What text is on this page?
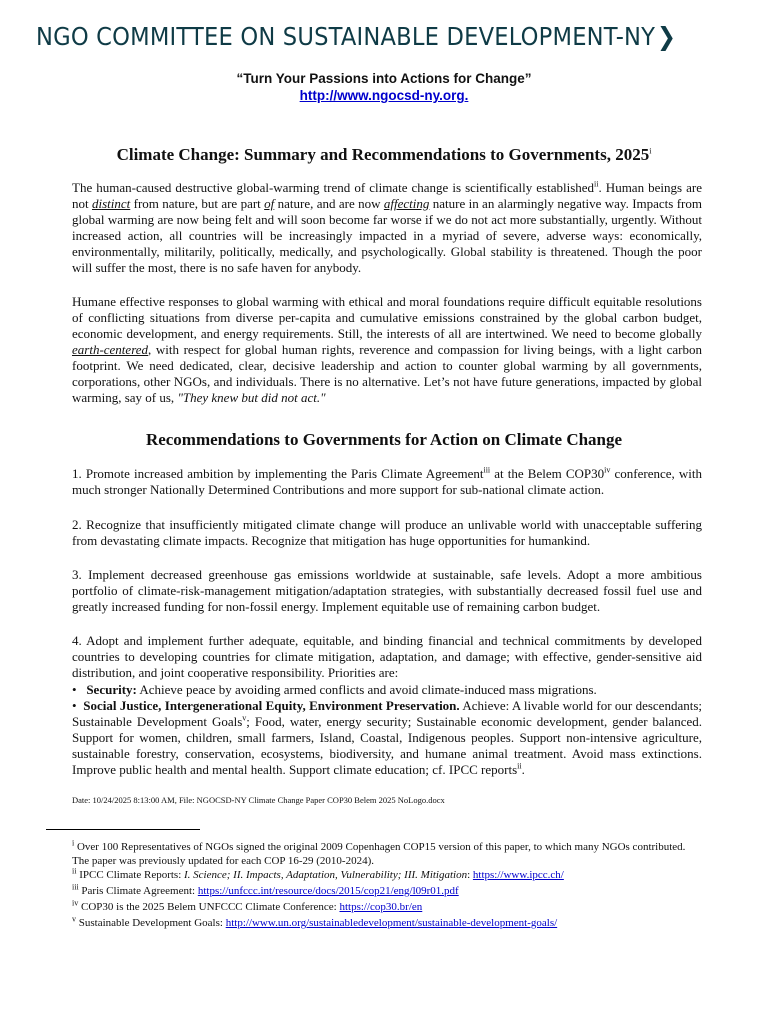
NGO COMMITTEE ON SUSTAINABLE DEVELOPMENT-NY❯
“Turn Your Passions into Actions for Change”
http://www.ngocsd-ny.org.
Climate Change: Summary and Recommendations to Governments, 2025$^i$

The human-caused destructive global-warming trend of climate change is scientifically established$^{ii}$. Human beings are not distinct from nature, but are part of nature, and are now affecting nature in an alarmingly negative way. Impacts from global warming are now being felt and will soon become far worse if we do not act more substantially, urgently. Without increased action, all countries will be increasingly impacted in a myriad of severe, adverse ways: economically, environmentally, militarily, politically, medically, and psychologically. Global stability is threatened. Though the poor will suffer the most, there is no safe haven for anybody.

Humane effective responses to global warming with ethical and moral foundations require difficult equitable resolutions of conflicting situations from diverse per-capita and cumulative emissions constrained by the global carbon budget, economic development, and energy requirements. Still, the interests of all are intertwined. We need to become globally earth-centered, with respect for global human rights, reverence and compassion for living beings, with a light carbon footprint. We need dedicated, clear, decisive leadership and action to counter global warming by all governments, corporations, other NGOs, and individuals. There is no alternative. Let’s not have future generations, impacted by global warming, say of us, "They knew but did not act."

Recommendations to Governments for Action on Climate Change

1. Promote increased ambition by implementing the Paris Climate Agreement$^{iii}$ at the Belem COP30$^{iv}$ conference, with much stronger Nationally Determined Contributions and more support for sub-national climate action.

2. Recognize that insufficiently mitigated climate change will produce an unlivable world with unacceptable suffering from devastating climate impacts. Recognize that mitigation has huge opportunities for humankind.

3. Implement decreased greenhouse gas emissions worldwide at sustainable, safe levels. Adopt a more ambitious portfolio of climate-risk-management mitigation/adaptation strategies, with substantially decreased fossil fuel use and greatly increased funding for non-fossil energy. Implement equitable use of remaining carbon budget.

4. Adopt and implement further adequate, equitable, and binding financial and technical commitments by developed countries to developing countries for climate mitigation, adaptation, and damage; with effective, gender-sensitive aid distribution, and joint cooperative responsibility. Priorities are:

• Security: Achieve peace by avoiding armed conflicts and avoid climate-induced mass migrations.
• Social Justice, Intergenerational Equity, Environment Preservation. Achieve: A livable world for our descendants; Sustainable Development Goals$^v$; Food, water, energy security; Sustainable economic development, gender balanced. Support for women, children, small farmers, Island, Coastal, Indigenous peoples. Support non-intensive agriculture, sustainable forestry, conservation, ecosystems, biodiversity, and humane animal treatment. Avoid mass extinctions. Improve public health and mental health. Support climate education; cf. IPCC reports$^{ii}$.
Date: 10/24/2025 8:13:00 AM, File: NGOCSD-NY Climate Change Paper COP30 Belem 2025 NoLogo.docx
$^i$ Over 100 Representatives of NGOs signed the original 2009 Copenhagen COP15 version of this paper, to which many NGOs contributed. The paper was previously updated for each COP 16-29 (2010-2024).
$^{ii}$ IPCC Climate Reports: I. Science; II. Impacts, Adaptation, Vulnerability; III. Mitigation: https://www.ipcc.ch/
$^{iii}$ Paris Climate Agreement: https://unfccc.int/resource/docs/2015/cop21/eng/l09r01.pdf
$^{iv}$ COP30 is the 2025 Belem UNFCCC Climate Conference: https://cop30.br/en
$^v$ Sustainable Development Goals: http://www.un.org/sustainabledevelopment/sustainable-development-goals/
